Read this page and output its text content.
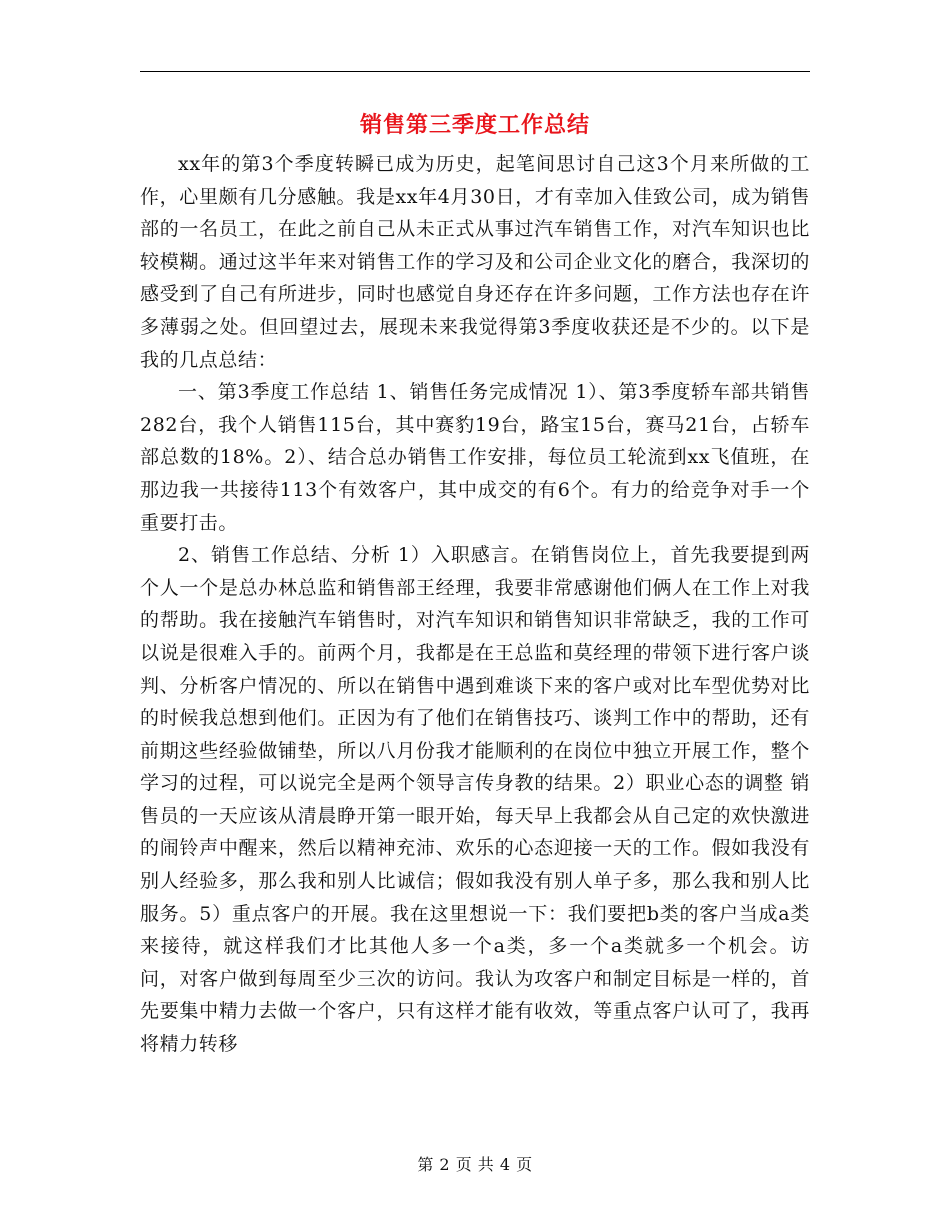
销售第三季度工作总结

xx年的第3个季度转瞬已成为历史，起笔间思讨自己这3个月来所做的工作，心里颇有几分感触。我是xx年4月30日，才有幸加入佳致公司，成为销售部的一名员工，在此之前自己从未正式从事过汽车销售工作，对汽车知识也比较模糊。通过这半年来对销售工作的学习及和公司企业文化的磨合，我深切的感受到了自己有所进步，同时也感觉自身还存在许多问题，工作方法也存在许多薄弱之处。但回望过去，展现未来我觉得第3季度收获还是不少的。以下是我的几点总结：

一、第3季度工作总结 1、销售任务完成情况 1）、第3季度轿车部共销售282台，我个人销售115台，其中赛豹19台，路宝15台，赛马21台，占轿车部总数的18%。2）、结合总办销售工作安排，每位员工轮流到xx飞值班，在那边我一共接待113个有效客户，其中成交的有6个。有力的给竞争对手一个重要打击。

2、销售工作总结、分析 1）入职感言。在销售岗位上，首先我要提到两个人一个是总办林总监和销售部王经理，我要非常感谢他们俩人在工作上对我的帮助。我在接触汽车销售时，对汽车知识和销售知识非常缺乏，我的工作可以说是很难入手的。前两个月，我都是在王总监和莫经理的带领下进行客户谈判、分析客户情况的、所以在销售中遇到难谈下来的客户或对比车型优势对比的时候我总想到他们。正因为有了他们在销售技巧、谈判工作中的帮助，还有前期这些经验做铺垫，所以八月份我才能顺利的在岗位中独立开展工作，整个学习的过程，可以说完全是两个领导言传身教的结果。2）职业心态的调整 销售员的一天应该从清晨睁开第一眼开始，每天早上我都会从自己定的欢快激进的闹铃声中醒来，然后以精神充沛、欢乐的心态迎接一天的工作。假如我没有别人经验多，那么我和别人比诚信；假如我没有别人单子多，那么我和别人比服务。5）重点客户的开展。我在这里想说一下：我们要把b类的客户当成a类来接待，就这样我们才比其他人多一个a类，多一个a类就多一个机会。访问，对客户做到每周至少三次的访问。我认为攻客户和制定目标是一样的，首先要集中精力去做一个客户，只有这样才能有收效，等重点客户认可了，我再将精力转移

第 2 页 共 4 页
